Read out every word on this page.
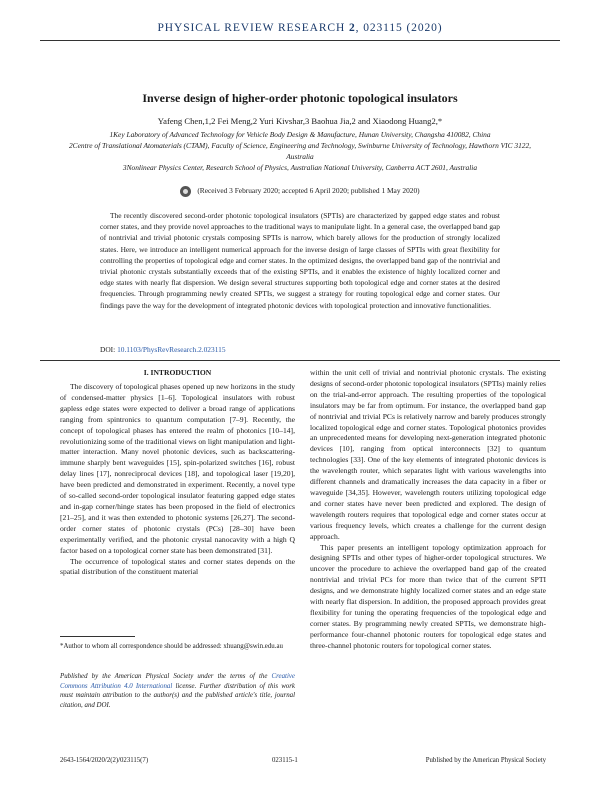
PHYSICAL REVIEW RESEARCH 2, 023115 (2020)
Inverse design of higher-order photonic topological insulators
Yafeng Chen,1,2 Fei Meng,2 Yuri Kivshar,3 Baohua Jia,2 and Xiaodong Huang2,*
1Key Laboratory of Advanced Technology for Vehicle Body Design & Manufacture, Hunan University, Changsha 410082, China
2Centre of Translational Atomaterials (CTAM), Faculty of Science, Engineering and Technology, Swinburne University of Technology, Hawthorn VIC 3122, Australia
3Nonlinear Physics Center, Research School of Physics, Australian National University, Canberra ACT 2601, Australia
(Received 3 February 2020; accepted 6 April 2020; published 1 May 2020)
The recently discovered second-order photonic topological insulators (SPTIs) are characterized by gapped edge states and robust corner states, and they provide novel approaches to the traditional ways to manipulate light. In a general case, the overlapped band gap of nontrivial and trivial photonic crystals composing SPTIs is narrow, which barely allows for the production of strongly localized states. Here, we introduce an intelligent numerical approach for the inverse design of large classes of SPTIs with great flexibility for controlling the properties of topological edge and corner states. In the optimized designs, the overlapped band gap of the nontrivial and trivial photonic crystals substantially exceeds that of the existing SPTIs, and it enables the existence of highly localized corner and edge states with nearly flat dispersion. We design several structures supporting both topological edge and corner states at the desired frequencies. Through programming newly created SPTIs, we suggest a strategy for routing topological edge and corner states. Our findings pave the way for the development of integrated photonic devices with topological protection and innovative functionalities.
DOI: 10.1103/PhysRevResearch.2.023115
I. INTRODUCTION

The discovery of topological phases opened up new horizons in the study of condensed-matter physics [1–6]. Topological insulators with robust gapless edge states were expected to deliver a broad range of applications ranging from spintronics to quantum computation [7–9]. Recently, the concept of topological phases has entered the realm of photonics [10–14], revolutionizing some of the traditional views on light manipulation and light-matter interaction. Many novel photonic devices, such as backscattering-immune sharply bent waveguides [15], spin-polarized switches [16], robust delay lines [17], nonreciprocal devices [18], and topological laser [19,20], have been predicted and demonstrated in experiment. Recently, a novel type of so-called second-order topological insulator featuring gapped edge states and in-gap corner/hinge states has been proposed in the field of electronics [21–25], and it was then extended to photonic systems [26,27]. The second-order corner states of photonic crystals (PCs) [28–30] have been experimentally verified, and the photonic crystal nanocavity with a high Q factor based on a topological corner state has been demonstrated [31].

The occurrence of topological states and corner states depends on the spatial distribution of the constituent material

within the unit cell of trivial and nontrivial photonic crystals. The existing designs of second-order photonic topological insulators (SPTIs) mainly relies on the trial-and-error approach. The resulting properties of the topological insulators may be far from optimum. For instance, the overlapped band gap of nontrivial and trivial PCs is relatively narrow and barely produces strongly localized topological edge and corner states. Topological photonics provides an unprecedented means for developing next-generation integrated photonic devices [10], ranging from optical interconnects [32] to quantum technologies [33]. One of the key elements of integrated photonic devices is the wavelength router, which separates light with various wavelengths into different channels and dramatically increases the data capacity in a fiber or waveguide [34,35]. However, wavelength routers utilizing topological edge and corner states have never been predicted and explored. The design of wavelength routers requires that topological edge and corner states occur at various frequency levels, which creates a challenge for the current design approach.

This paper presents an intelligent topology optimization approach for designing SPTIs and other types of higher-order topological structures. We uncover the procedure to achieve the overlapped band gap of the created nontrivial and trivial PCs for more than twice that of the current SPTI designs, and we demonstrate highly localized corner states and an edge state with nearly flat dispersion. In addition, the proposed approach provides great flexibility for tuning the operating frequencies of the topological edge and corner states. By programming newly created SPTIs, we demonstrate high-performance four-channel photonic routers for topological edge states and three-channel photonic routers for topological corner states.

*Author to whom all correspondence should be addressed: xhuang@swin.edu.au
Published by the American Physical Society under the terms of the Creative Commons Attribution 4.0 International license. Further distribution of this work must maintain attribution to the author(s) and the published article's title, journal citation, and DOI.
2643-1564/2020/2(2)/023115(7)	023115-1	Published by the American Physical Society
